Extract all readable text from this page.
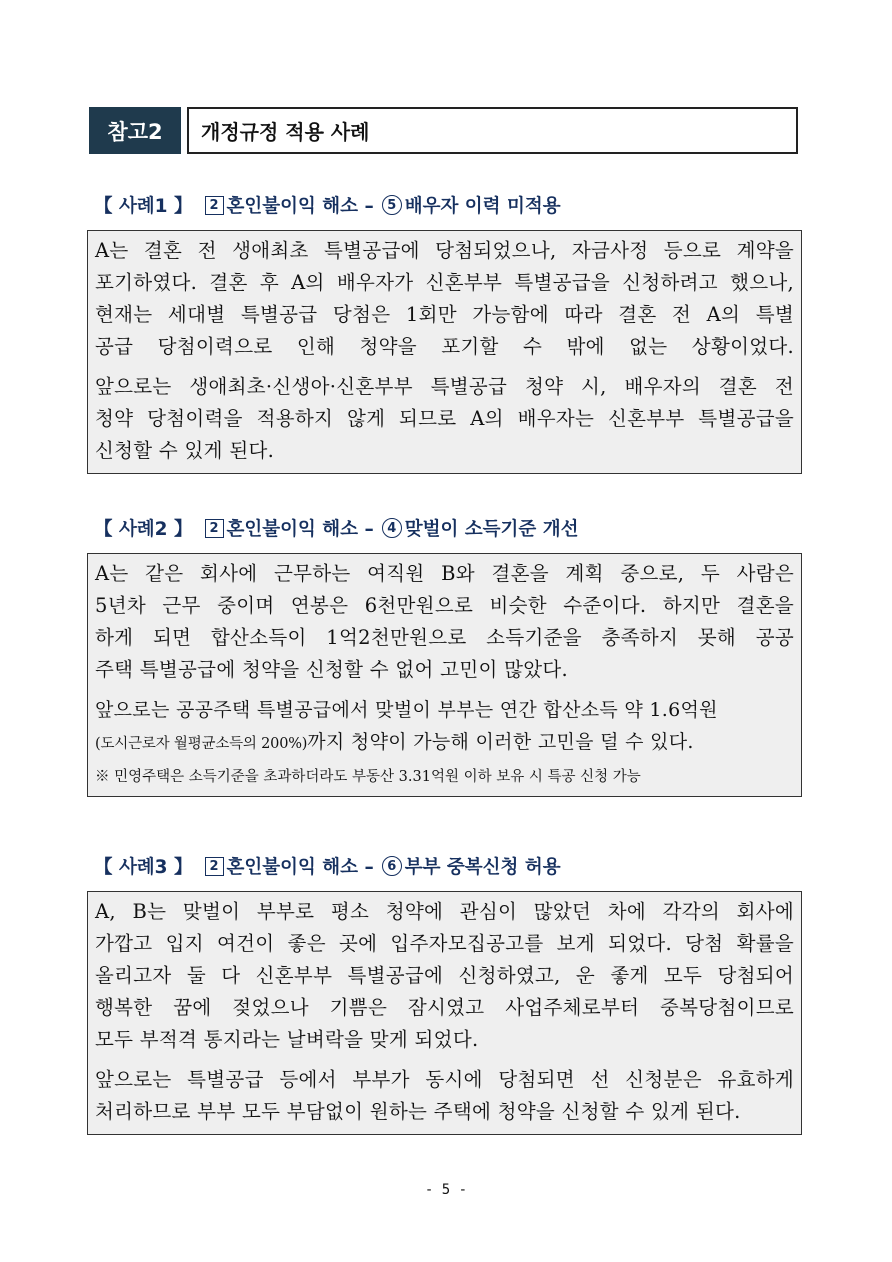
참고2	개정규정 적용 사례
【 사례1 】	2 혼인불이익 해소 –	5 배우자 이력 미적용

A는 결혼 전 생애최초 특별공급에 당첨되었으나, 자금사정 등으로 계약을
포기하였다. 결혼 후 A의 배우자가 신혼부부 특별공급을 신청하려고 했으나,
현재는 세대별 특별공급 당첨은 1회만 가능함에 따라 결혼 전 A의 특별
공급 당첨이력으로 인해 청약을 포기할 수 밖에 없는 상황이었다.

앞으로는 생애최초·신생아·신혼부부 특별공급 청약 시, 배우자의 결혼 전
청약 당첨이력을 적용하지 않게 되므로 A의 배우자는 신혼부부 특별공급을
신청할 수 있게 된다.

【 사례2 】	2 혼인불이익 해소 –	4 맞벌이 소득기준 개선

A는 같은 회사에 근무하는 여직원 B와 결혼을 계획 중으로, 두 사람은
5년차 근무 중이며 연봉은 6천만원으로 비슷한 수준이다. 하지만 결혼을
하게 되면 합산소득이 1억2천만원으로 소득기준을 충족하지 못해 공공
주택 특별공급에 청약을 신청할 수 없어 고민이 많았다.

앞으로는 공공주택 특별공급에서 맞벌이 부부는 연간 합산소득 약 1.6억원
(도시근로자 월평균소득의 200%)까지 청약이 가능해 이러한 고민을 덜 수 있다.

※ 민영주택은 소득기준을 초과하더라도 부동산 3.31억원 이하 보유 시 특공 신청 가능

【 사례3 】	2 혼인불이익 해소 –	6 부부 중복신청 허용

A, B는 맞벌이 부부로 평소 청약에 관심이 많았던 차에 각각의 회사에
가깝고 입지 여건이 좋은 곳에 입주자모집공고를 보게 되었다. 당첨 확률을
올리고자 둘 다 신혼부부 특별공급에 신청하였고, 운 좋게 모두 당첨되어
행복한 꿈에 젖었으나 기쁨은 잠시였고 사업주체로부터 중복당첨이므로
모두 부적격 통지라는 날벼락을 맞게 되었다.

앞으로는 특별공급 등에서 부부가 동시에 당첨되면 선 신청분은 유효하게
처리하므로 부부 모두 부담없이 원하는 주택에 청약을 신청할 수 있게 된다.

- 5 -
